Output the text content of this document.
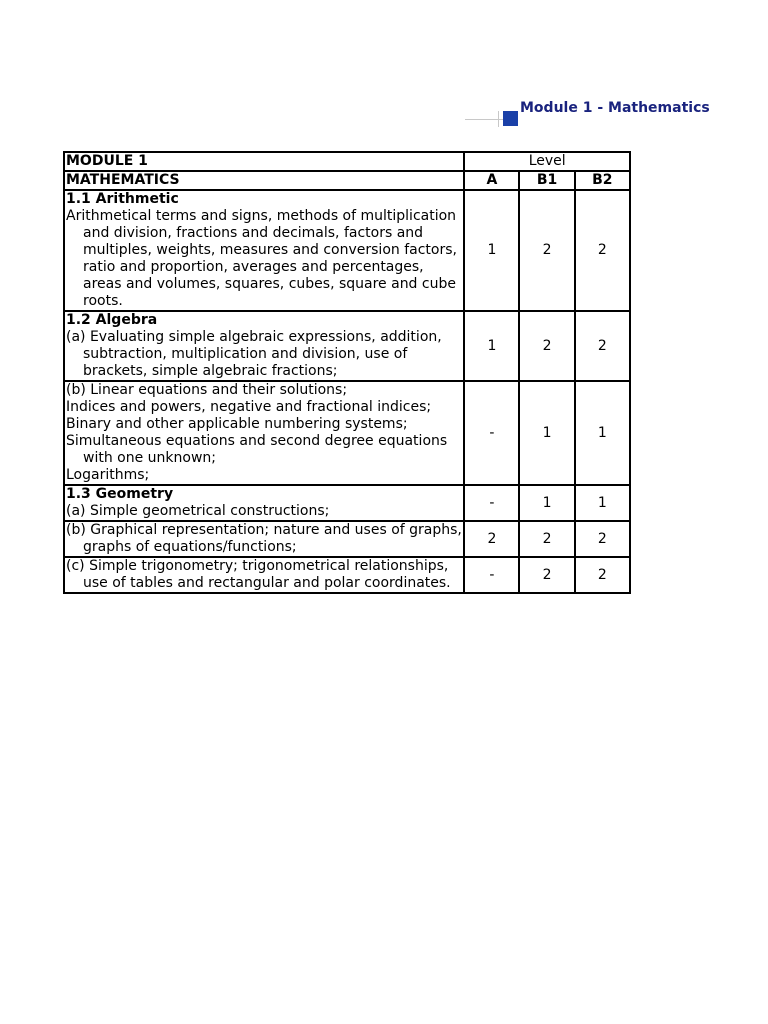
Module 1 - Mathematics
MODULE 1	Level		
MATHEMATICS	A	B1	B2

1.1 Arithmetic
Arithmetical terms and signs, methods of multiplication and division, fractions and decimals, factors and multiples, weights, measures and conversion factors, ratio and proportion, averages and percentages, areas and volumes, squares, cubes, square and cube roots.	1	2	2

1.2 Algebra
(a) Evaluating simple algebraic expressions, addition, subtraction, multiplication and division, use of brackets, simple algebraic fractions;	1	2	2

(b) Linear equations and their solutions;
Indices and powers, negative and fractional indices;
Binary and other applicable numbering systems;
Simultaneous equations and second degree equations with one unknown;
Logarithms;	-	1	1

1.3 Geometry
(a) Simple geometrical constructions;	-	1	1

(b) Graphical representation; nature and uses of graphs, graphs of equations/functions;	2	2	2

(c) Simple trigonometry; trigonometrical relationships, use of tables and rectangular and polar coordinates.	-	2	2
